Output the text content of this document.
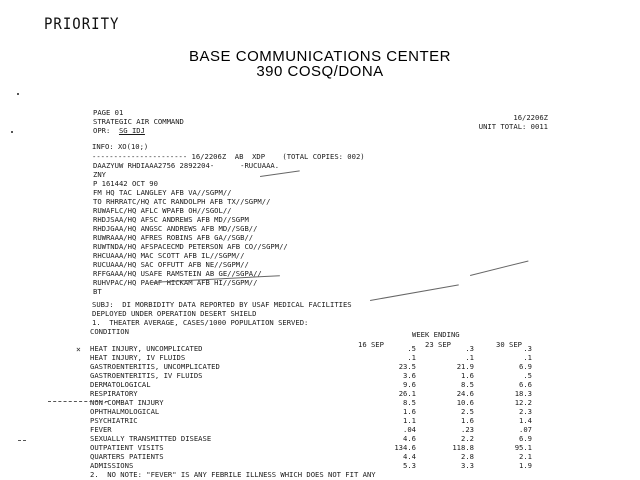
PRIORITY
BASE COMMUNICATIONS CENTER
390 COSQ/DONA
PAGE 01
STRATEGIC AIR COMMAND
OPR: SG IDJ
16/2206Z
UNIT TOTAL: 0011
INFO: XO(10;)
---------------------- 16/2206Z  AB  XDP    (TOTAL COPIES: 002)
DAAZYUW RHDIAAA2756 2892204-      -RUCUAAA.
ZNY
P 161442 OCT 90
FM HQ TAC LANGLEY AFB VA//SGPM//
TO RHRRATC/HQ ATC RANDOLPH AFB TX//SGPM//
RUWAFLC/HQ AFLC WPAFB OH//SGOL//
RHDJSAA/HQ AFSC ANDREWS AFB MD//SGPM
RHDJGAA/HQ ANGSC ANDREWS AFB MD//SGB//
RUWRAAA/HQ AFRES ROBINS AFB GA//SGB//
RUWTNDA/HQ AFSPACECMD PETERSON AFB CO//SGPM//
RHCUAAA/HQ MAC SCOTT AFB IL//SGPM//
RUCUAAA/HQ SAC OFFUTT AFB NE//SGPM//
RFFGAAA/HQ USAFE RAMSTEIN AB GE//SGPA//
RUHVPAC/HQ PACAF HICKAM AFB HI//SGPM//
BT
SUBJ:  DI MORBIDITY DATA REPORTED BY USAF MEDICAL FACILITIES
DEPLOYED UNDER OPERATION DESERT SHIELD
1.  THEATER AVERAGE, CASES/1000 POPULATION SERVED:
CONDITION	WEEK ENDING
16 SEP	23 SEP	30 SEP
HEAT INJURY, UNCOMPLICATED	.5	.3	.3
HEAT INJURY, IV FLUIDS	.1	.1	.1
GASTROENTERITIS, UNCOMPLICATED	23.5	21.9	6.9
GASTROENTERITIS, IV FLUIDS	3.6	1.6	.5
DERMATOLOGICAL	9.6	8.5	6.6
RESPIRATORY	26.1	24.6	18.3
NON-COMBAT INJURY	8.5	10.6	12.2
OPHTHALMOLOGICAL	1.6	2.5	2.3
PSYCHIATRIC	1.1	1.6	1.4
FEVER	.04	.23	.07
SEXUALLY TRANSMITTED DISEASE	4.6	2.2	6.9
OUTPATIENT VISITS	134.6	118.8	95.1
QUARTERS PATIENTS	4.4	2.8	2.1
ADMISSIONS	5.3	3.3	1.9
×
2.  NO NOTE: "FEVER" IS ANY FEBRILE ILLNESS WHICH DOES NOT FIT ANY
